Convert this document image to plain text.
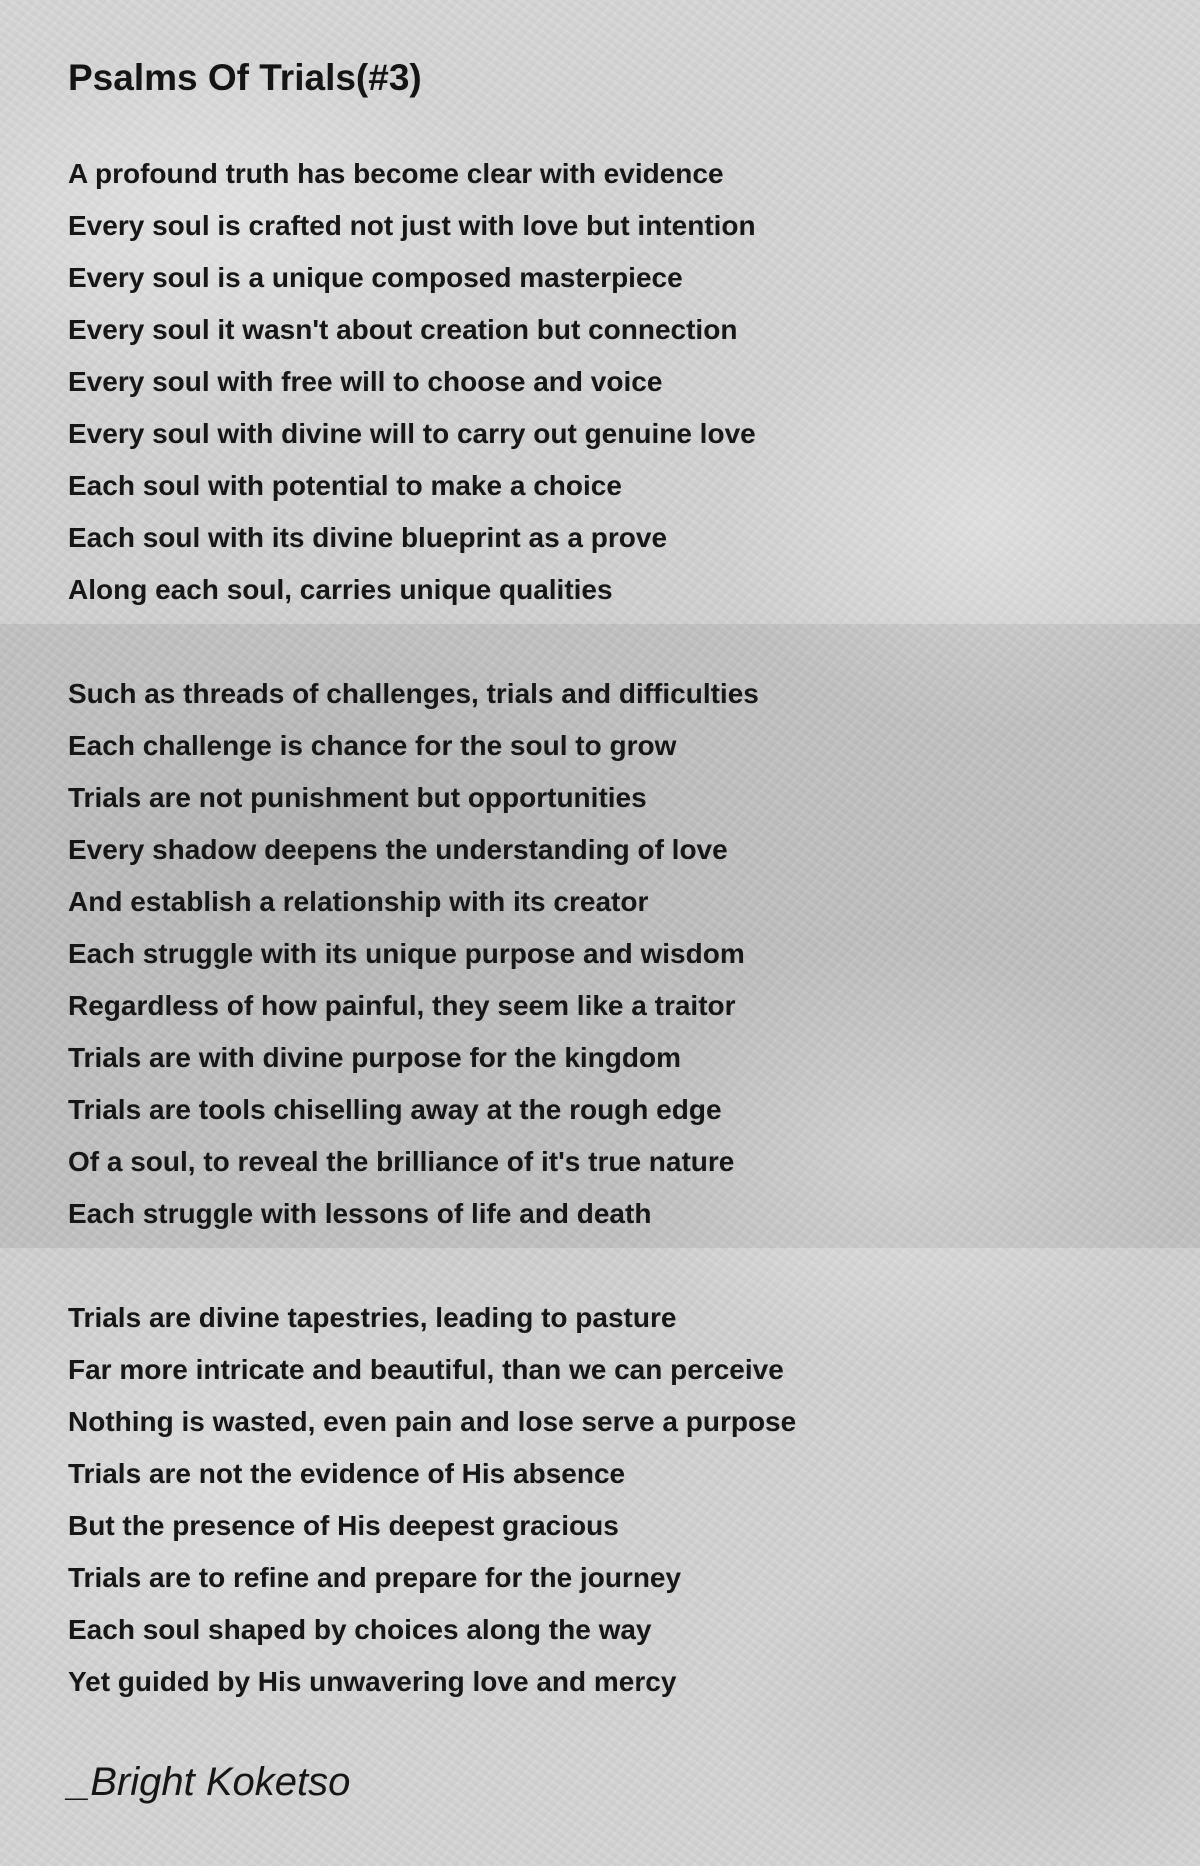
Psalms Of Trials(#3)
A profound truth has become clear with evidence
Every soul is crafted not just with love but intention
Every soul is a unique composed masterpiece
Every soul it wasn't about creation but connection
Every soul with free will to choose and voice
Every soul with divine will to carry out genuine love
Each soul with potential to make a choice
Each soul with its divine blueprint as a prove
Along each soul, carries unique qualities
Such as threads of challenges, trials and difficulties
Each challenge is chance for the soul to grow
Trials are not punishment but opportunities
Every shadow deepens the understanding of love
And establish a relationship with its creator
Each struggle with its unique purpose and wisdom
Regardless of how painful, they seem like a traitor
Trials are with divine purpose for the kingdom
Trials are tools chiselling away at the rough edge
Of a soul, to reveal the brilliance of it's true nature
Each struggle with lessons of life and death
Trials are divine tapestries, leading to pasture
Far more intricate and beautiful, than we can perceive
Nothing is wasted, even pain and lose serve a purpose
Trials are not the evidence of His absence
But the presence of His deepest gracious
Trials are to refine and prepare for the journey
Each soul shaped by choices along the way
Yet guided by His unwavering love and mercy
_Bright Koketso
